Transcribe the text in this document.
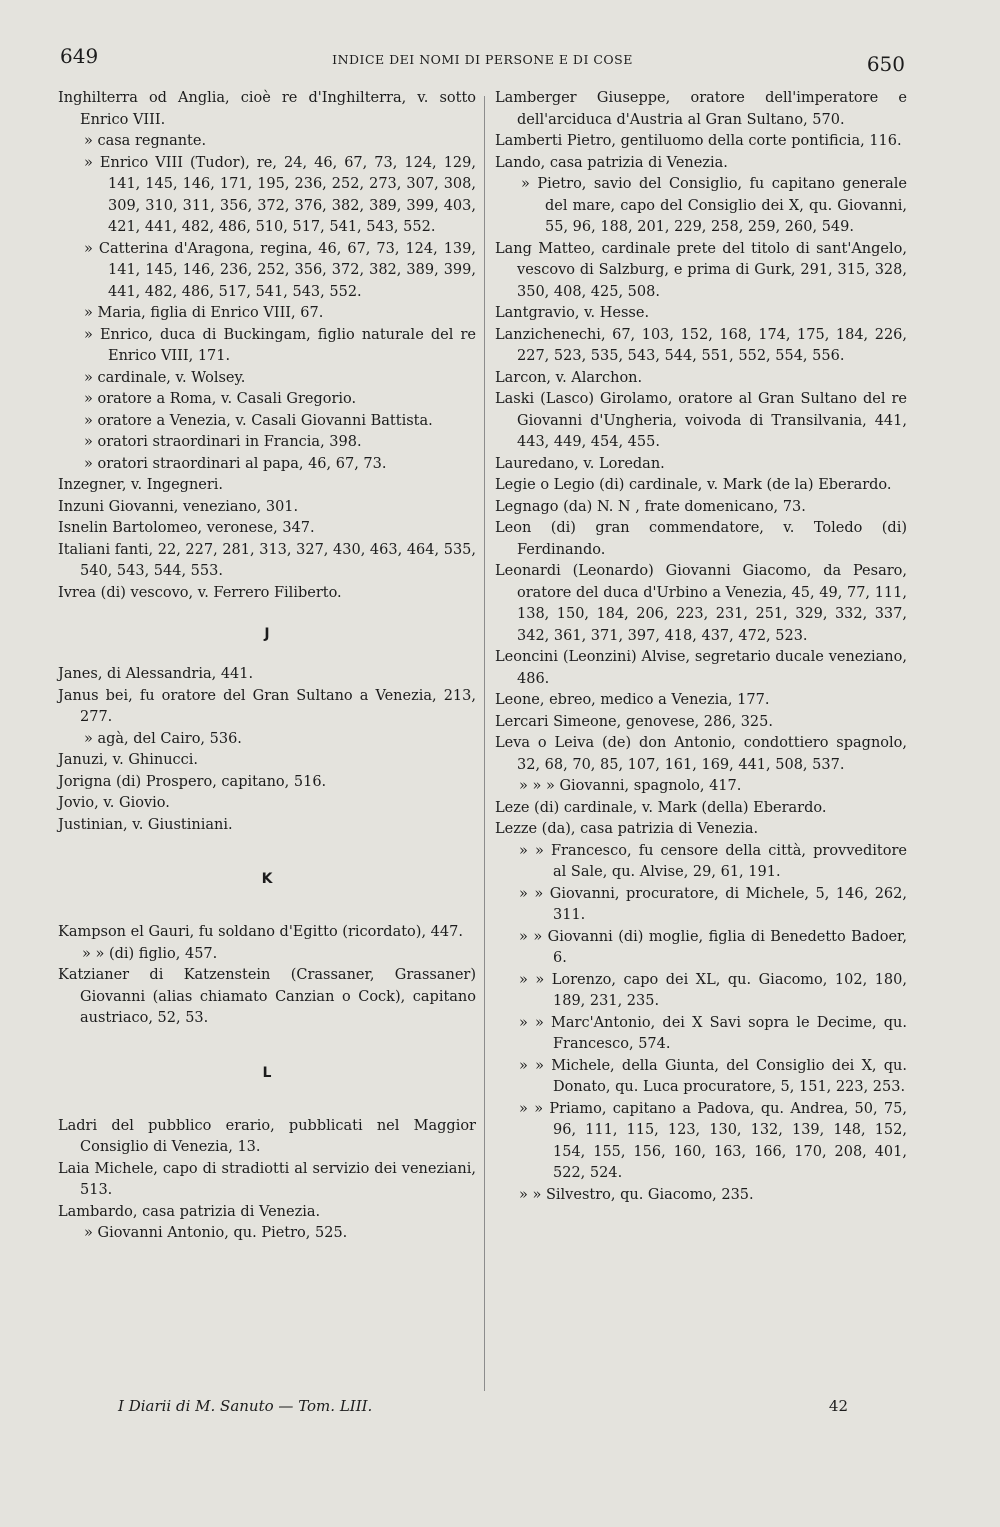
649	INDICE DEI NOMI DI PERSONE E DI COSE	650
Inghilterra od Anglia, cioè re d'Inghilterra, v. sotto Enrico VIII.
» casa regnante.
» Enrico VIII (Tudor), re, 24, 46, 67, 73, 124, 129, 141, 145, 146, 171, 195, 236, 252, 273, 307, 308, 309, 310, 311, 356, 372, 376, 382, 389, 399, 403, 421, 441, 482, 486, 510, 517, 541, 543, 552.
» Catterina d'Aragona, regina, 46, 67, 73, 124, 139, 141, 145, 146, 236, 252, 356, 372, 382, 389, 399, 441, 482, 486, 517, 541, 543, 552.
» Maria, figlia di Enrico VIII, 67.
» Enrico, duca di Buckingam, figlio naturale del re Enrico VIII, 171.
» cardinale, v. Wolsey.
» oratore a Roma, v. Casali Gregorio.
» oratore a Venezia, v. Casali Giovanni Battista.
» oratori straordinari in Francia, 398.
» oratori straordinari al papa, 46, 67, 73.
Inzegner, v. Ingegneri.
Inzuni Giovanni, veneziano, 301.
Isnelin Bartolomeo, veronese, 347.
Italiani fanti, 22, 227, 281, 313, 327, 430, 463, 464, 535, 540, 543, 544, 553.
Ivrea (di) vescovo, v. Ferrero Filiberto.
J
Janes, di Alessandria, 441.
Janus bei, fu oratore del Gran Sultano a Venezia, 213, 277.
» agà, del Cairo, 536.
Januzi, v. Ghinucci.
Jorigna (di) Prospero, capitano, 516.
Jovio, v. Giovio.
Justinian, v. Giustiniani.
K
Kampson el Gauri, fu soldano d'Egitto (ricordato), 447.
» » (di) figlio, 457.
Katzianer di Katzenstein (Crassaner, Grassaner) Giovanni (alias chiamato Canzian o Cock), capitano austriaco, 52, 53.
L
Ladri del pubblico erario, pubblicati nel Maggior Consiglio di Venezia, 13.
Laia Michele, capo di stradiotti al servizio dei veneziani, 513.
Lambardo, casa patrizia di Venezia.
» Giovanni Antonio, qu. Pietro, 525.
Lamberger Giuseppe, oratore dell'imperatore e dell'arciduca d'Austria al Gran Sultano, 570.
Lamberti Pietro, gentiluomo della corte pontificia, 116.
Lando, casa patrizia di Venezia.
» Pietro, savio del Consiglio, fu capitano generale del mare, capo del Consiglio dei X, qu. Giovanni, 55, 96, 188, 201, 229, 258, 259, 260, 549.
Lang Matteo, cardinale prete del titolo di sant'Angelo, vescovo di Salzburg, e prima di Gurk, 291, 315, 328, 350, 408, 425, 508.
Lantgravio, v. Hesse.
Lanzichenechi, 67, 103, 152, 168, 174, 175, 184, 226, 227, 523, 535, 543, 544, 551, 552, 554, 556.
Larcon, v. Alarchon.
Laski (Lasco) Girolamo, oratore al Gran Sultano del re Giovanni d'Ungheria, voivoda di Transilvania, 441, 443, 449, 454, 455.
Lauredano, v. Loredan.
Legie o Legio (di) cardinale, v. Mark (de la) Eberardo.
Legnago (da) N. N , frate domenicano, 73.
Leon (di) gran commendatore, v. Toledo (di) Ferdinando.
Leonardi (Leonardo) Giovanni Giacomo, da Pesaro, oratore del duca d'Urbino a Venezia, 45, 49, 77, 111, 138, 150, 184, 206, 223, 231, 251, 329, 332, 337, 342, 361, 371, 397, 418, 437, 472, 523.
Leoncini (Leonzini) Alvise, segretario ducale veneziano, 486.
Leone, ebreo, medico a Venezia, 177.
Lercari Simeone, genovese, 286, 325.
Leva o Leiva (de) don Antonio, condottiero spagnolo, 32, 68, 70, 85, 107, 161, 169, 441, 508, 537.
» » » Giovanni, spagnolo, 417.
Leze (di) cardinale, v. Mark (della) Eberardo.
Lezze (da), casa patrizia di Venezia.
» » Francesco, fu censore della città, provveditore al Sale, qu. Alvise, 29, 61, 191.
» » Giovanni, procuratore, di Michele, 5, 146, 262, 311.
» » Giovanni (di) moglie, figlia di Benedetto Badoer, 6.
» » Lorenzo, capo dei XL, qu. Giacomo, 102, 180, 189, 231, 235.
» » Marc'Antonio, dei X Savi sopra le Decime, qu. Francesco, 574.
» » Michele, della Giunta, del Consiglio dei X, qu. Donato, qu. Luca procuratore, 5, 151, 223, 253.
» » Priamo, capitano a Padova, qu. Andrea, 50, 75, 96, 111, 115, 123, 130, 132, 139, 148, 152, 154, 155, 156, 160, 163, 166, 170, 208, 401, 522, 524.
» » Silvestro, qu. Giacomo, 235.
I Diarii di M. Sanuto — Tom. LIII.	42
